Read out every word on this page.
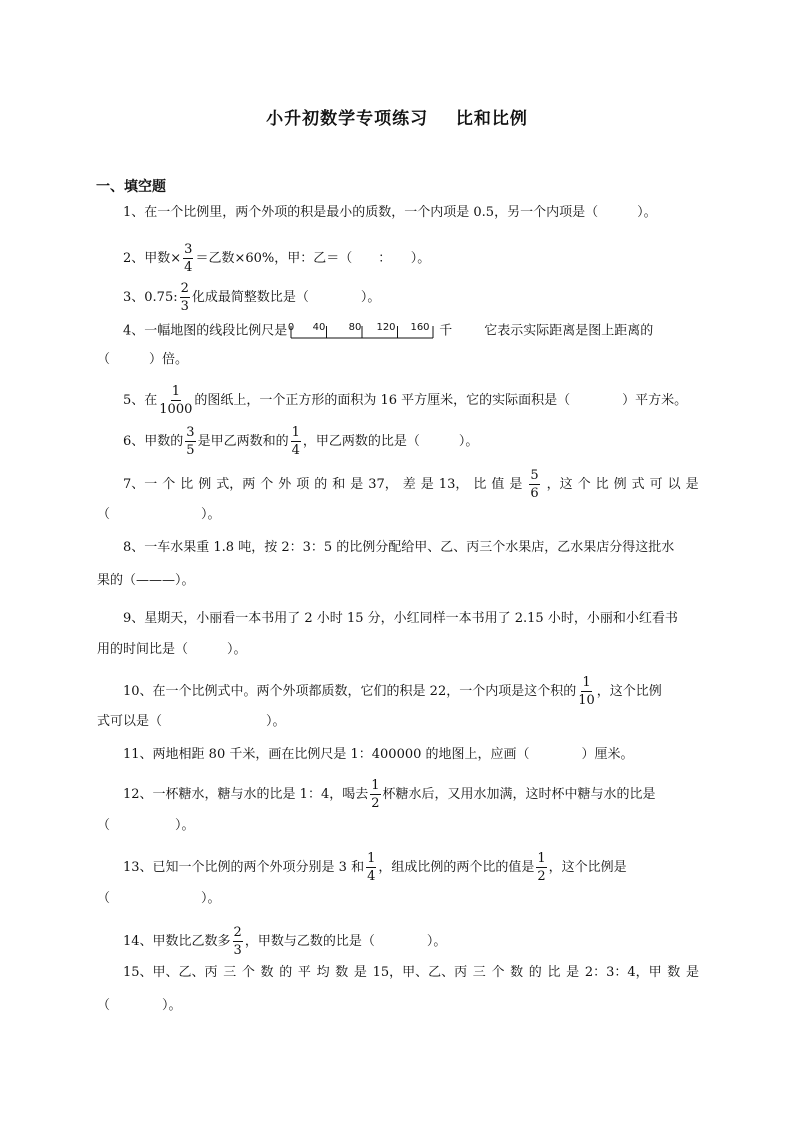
小升初数学专项练习    比和比例
一、填空题
1、在一个比例里，两个外项的积是最小的质数，一个内项是 0.5，另一个内项是（　　　）。
2、甲数× $\frac{3}{4}$ ＝乙数×60%，甲：乙＝（　　：　　）。
3、0.75: $\frac{2}{3}$ 化成最简整数比是（　　　　）。
4、一幅地图的线段比例尺是 0 40 80 120 160 千 它表示实际距离是图上距离的
（　　　）倍。
5、在 $\frac{1}{1000}$ 的图纸上，一个正方形的面积为 16 平方厘米，它的实际面积是（　　　　）平方米。
6、甲数的 $\frac{3}{5}$ 是甲乙两数和的 $\frac{1}{4}$ ，甲乙两数的比是（　　　）。
7、一 个 比 例 式，两 个 外 项 的 和 是 37， 差 是 13， 比 值 是 $\frac{5}{6}$ ，这 个 比 例 式 可 以 是
（　　　　　　　）。
8、一车水果重 1.8 吨，按 2：3：5 的比例分配给甲、乙、丙三个水果店，乙水果店分得这批水
果的（———）。
9、星期天，小丽看一本书用了 2 小时 15 分，小红同样一本书用了 2.15 小时，小丽和小红看书
用的时间比是（　　　）。
10、在一个比例式中。两个外项都质数，它们的积是 22，一个内项是这个积的 $\frac{1}{10}$ ，这个比例
式可以是（　　　　　　　　）。
11、两地相距 80 千米，画在比例尺是 1：400000 的地图上，应画（　　　　）厘米。
12、一杯糖水，糖与水的比是 1：4，喝去 $\frac{1}{2}$ 杯糖水后，又用水加满，这时杯中糖与水的比是
（　　　　　）。
13、已知一个比例的两个外项分别是 3 和 $\frac{1}{4}$ ，组成比例的两个比的值是 $\frac{1}{2}$ ，这个比例是
（　　　　　　　）。
14、甲数比乙数多 $\frac{2}{3}$ ，甲数与乙数的比是（　　　　）。
15、甲、乙、丙 三 个 数 的 平 均 数 是 15，甲、乙、丙 三 个 数 的 比 是 2：3：4，甲 数 是
（　　　　）。
